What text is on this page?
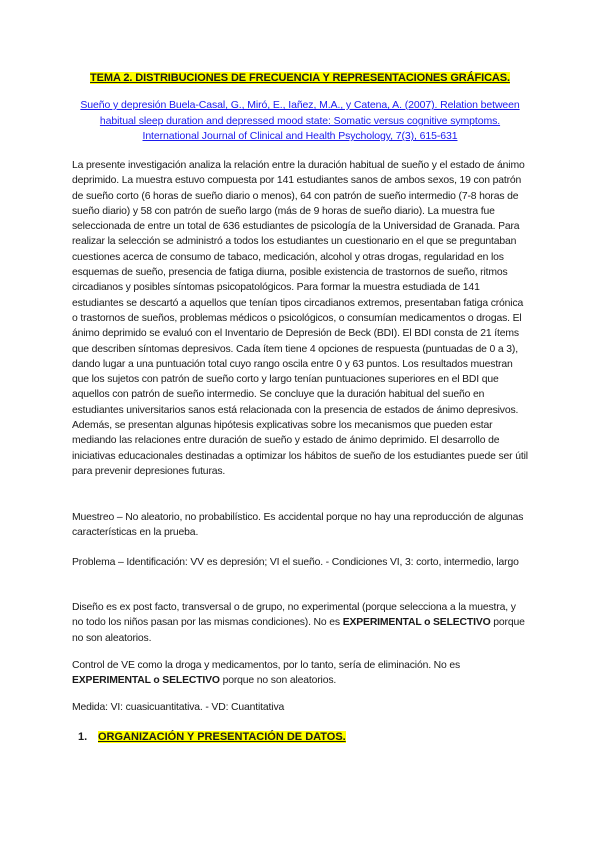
TEMA 2. DISTRIBUCIONES DE FRECUENCIA Y REPRESENTACIONES GRÁFICAS.
Sueño y depresión Buela-Casal, G., Miró, E., Iañez, M.A., y Catena, A. (2007). Relation between habitual sleep duration and depressed mood state: Somatic versus cognitive symptoms. International Journal of Clinical and Health Psychology, 7(3), 615-631

La presente investigación analiza la relación entre la duración habitual de sueño y el estado de ánimo deprimido. La muestra estuvo compuesta por 141 estudiantes sanos de ambos sexos, 19 con patrón de sueño corto (6 horas de sueño diario o menos), 64 con patrón de sueño intermedio (7-8 horas de sueño diario) y 58 con patrón de sueño largo (más de 9 horas de sueño diario). La muestra fue seleccionada de entre un total de 636 estudiantes de psicología de la Universidad de Granada. Para realizar la selección se administró a todos los estudiantes un cuestionario en el que se preguntaban cuestiones acerca de consumo de tabaco, medicación, alcohol y otras drogas, regularidad en los esquemas de sueño, presencia de fatiga diurna, posible existencia de trastornos de sueño, ritmos circadianos y posibles síntomas psicopatológicos. Para formar la muestra estudiada de 141 estudiantes se descartó a aquellos que tenían tipos circadianos extremos, presentaban fatiga crónica o trastornos de sueños, problemas médicos o psicológicos, o consumían medicamentos o drogas. El ánimo deprimido se evaluó con el Inventario de Depresión de Beck (BDI). El BDI consta de 21 ítems que describen síntomas depresivos. Cada ítem tiene 4 opciones de respuesta (puntuadas de 0 a 3), dando lugar a una puntuación total cuyo rango oscila entre 0 y 63 puntos. Los resultados muestran que los sujetos con patrón de sueño corto y largo tenían puntuaciones superiores en el BDI que aquellos con patrón de sueño intermedio. Se concluye que la duración habitual del sueño en estudiantes universitarios sanos está relacionada con la presencia de estados de ánimo depresivos. Además, se presentan algunas hipótesis explicativas sobre los mecanismos que pueden estar mediando las relaciones entre duración de sueño y estado de ánimo deprimido. El desarrollo de iniciativas educacionales destinadas a optimizar los hábitos de sueño de los estudiantes puede ser útil para prevenir depresiones futuras.

Muestreo – No aleatorio, no probabilístico. Es accidental porque no hay una reproducción de algunas características en la prueba.

Problema – Identificación: VV es depresión; VI el sueño. - Condiciones VI, 3: corto, intermedio, largo

Diseño es ex post facto, transversal o de grupo, no experimental (porque selecciona a la muestra, y no todo los niños pasan por las mismas condiciones). No es EXPERIMENTAL o SELECTIVO porque no son aleatorios.

Control de VE como la droga y medicamentos, por lo tanto, sería de eliminación. No es EXPERIMENTAL o SELECTIVO porque no son aleatorios.

Medida: VI: cuasicuantitativa. - VD: Cuantitativa

1. ORGANIZACIÓN Y PRESENTACIÓN DE DATOS.
